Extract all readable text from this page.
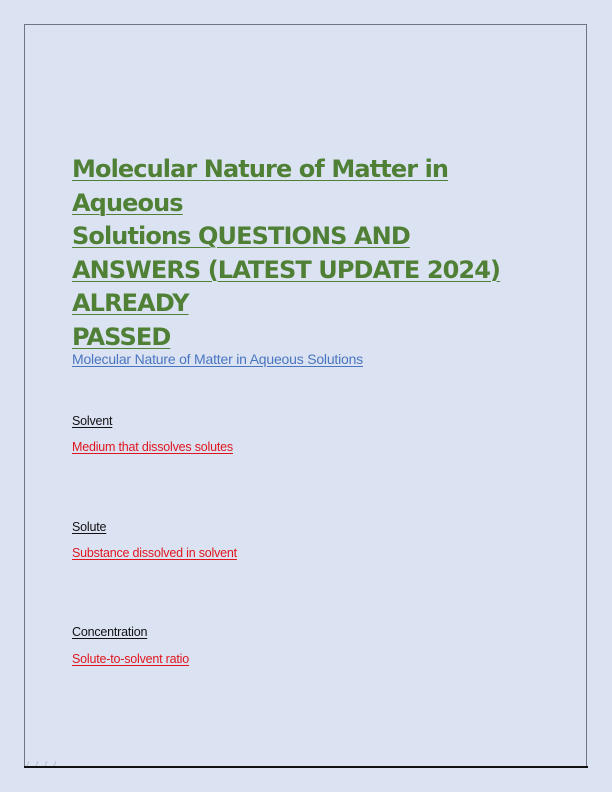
Molecular Nature of Matter in Aqueous
Solutions QUESTIONS AND
ANSWERS (LATEST UPDATE 2024)
ALREADY
PASSED

Molecular Nature of Matter in Aqueous Solutions

Solvent

Medium that dissolves solutes

Solute

Substance dissolved in solvent

Concentration

Solute-to-solvent ratio
